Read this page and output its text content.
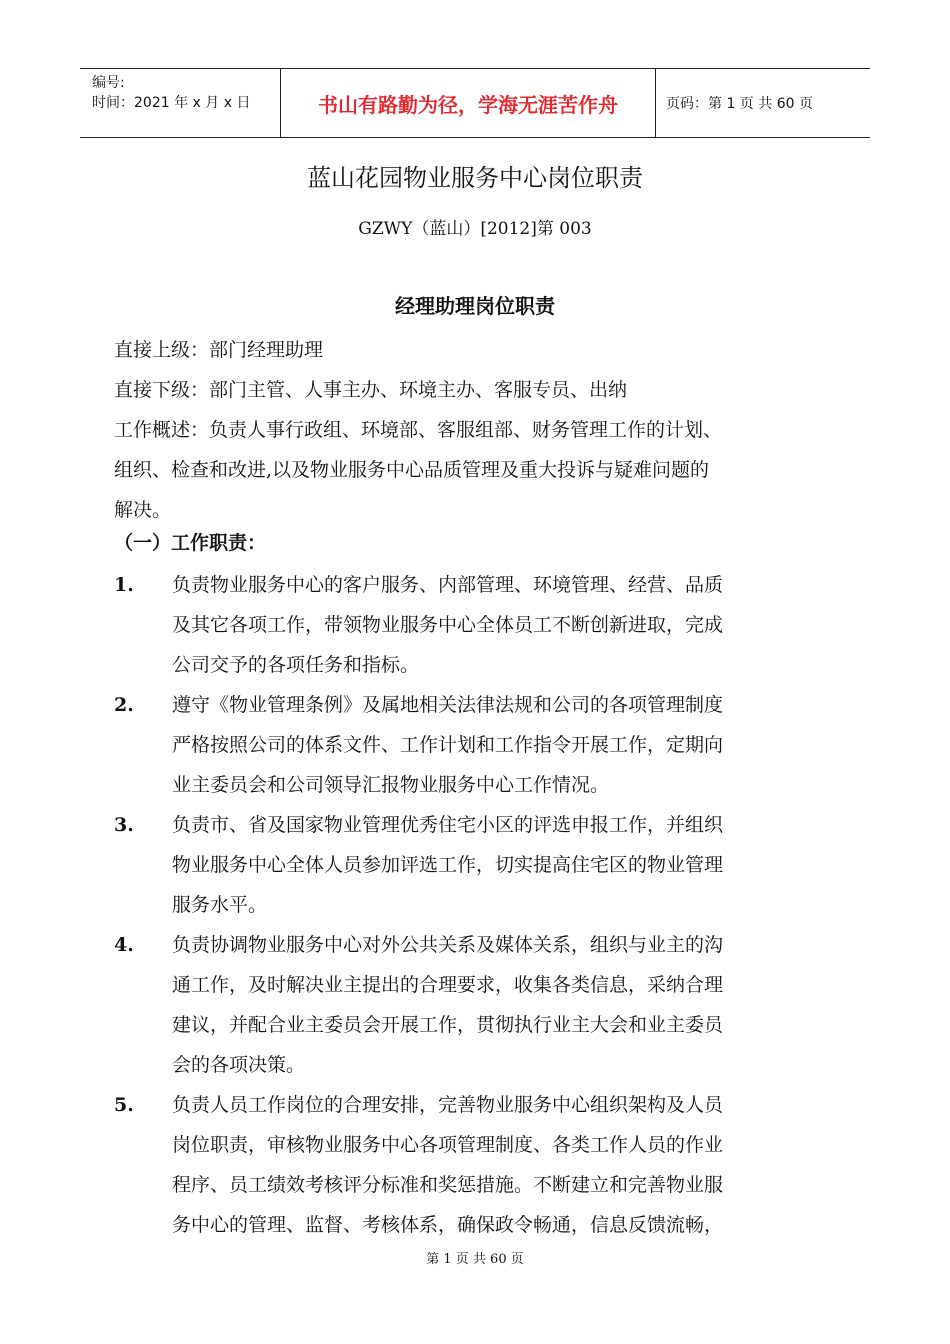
编号:
时间：2021 年 x 月 x 日	书山有路勤为径，学海无涯苦作舟	页码：第 1 页 共 60 页
蓝山花园物业服务中心岗位职责
GZWY（蓝山）[2012]第 003
经理助理岗位职责
直接上级：部门经理助理
直接下级：部门主管、人事主办、环境主办、客服专员、出纳
工作概述：负责人事行政组、环境部、客服组部、财务管理工作的计划、
组织、检查和改进,以及物业服务中心品质管理及重大投诉与疑难问题的
解决。
（一）工作职责：
1.	负责物业服务中心的客户服务、内部管理、环境管理、经营、品质
及其它各项工作，带领物业服务中心全体员工不断创新进取，完成
公司交予的各项任务和指标。
2.	遵守《物业管理条例》及属地相关法律法规和公司的各项管理制度
严格按照公司的体系文件、工作计划和工作指令开展工作，定期向
业主委员会和公司领导汇报物业服务中心工作情况。
3.	负责市、省及国家物业管理优秀住宅小区的评选申报工作，并组织
物业服务中心全体人员参加评选工作，切实提高住宅区的物业管理
服务水平。
4.	负责协调物业服务中心对外公共关系及媒体关系，组织与业主的沟
通工作，及时解决业主提出的合理要求，收集各类信息，采纳合理
建议，并配合业主委员会开展工作，贯彻执行业主大会和业主委员
会的各项决策。
5.	负责人员工作岗位的合理安排，完善物业服务中心组织架构及人员
岗位职责，审核物业服务中心各项管理制度、各类工作人员的作业
程序、员工绩效考核评分标准和奖惩措施。不断建立和完善物业服
务中心的管理、监督、考核体系，确保政令畅通，信息反馈流畅，
第 1 页 共 60 页
